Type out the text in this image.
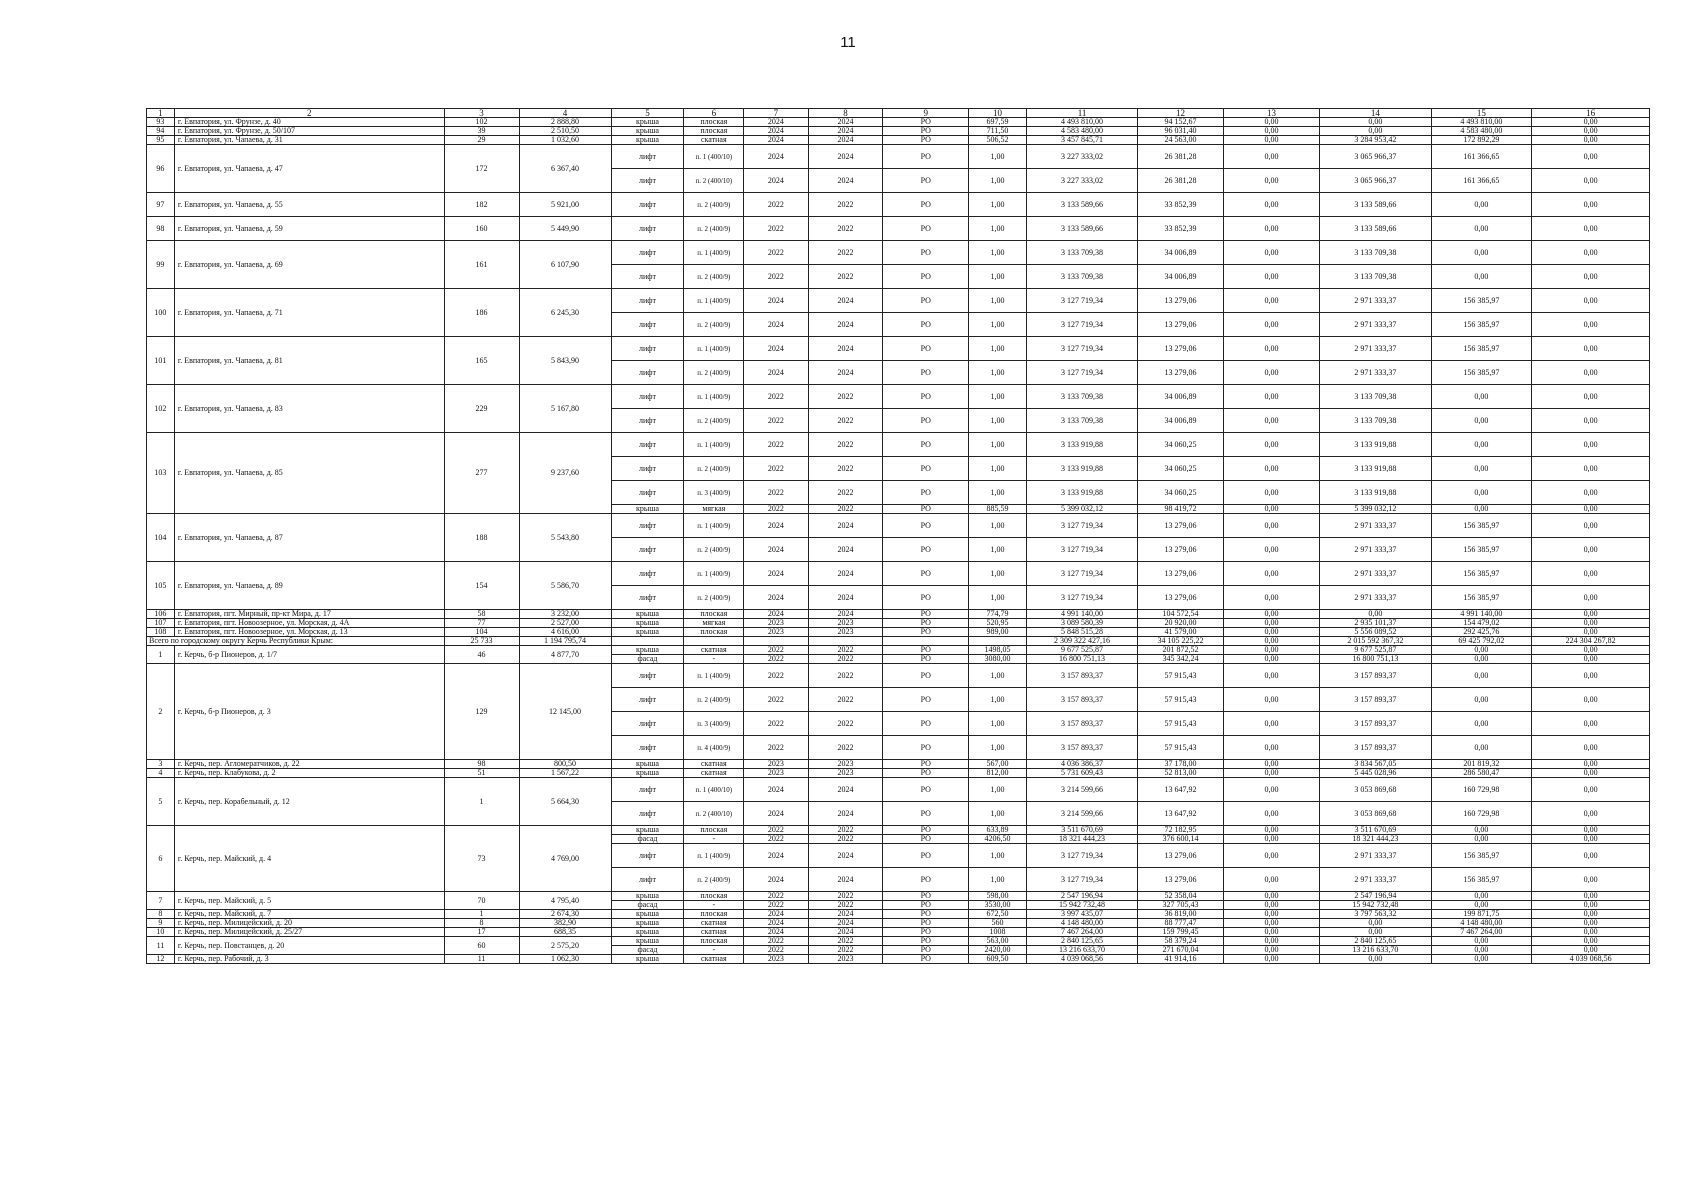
11
1	2	3	4	5	6	7	8	9	10	11	12	13	14	15	16
93	г. Евпатория, ул. Фрунзе, д. 40	102	2 888,80	крыша	плоская	2024	2024	РО	697,59	4 493 810,00	94 152,67	0,00	0,00	4 493 810,00	0,00
94	г. Евпатория, ул. Фрунзе, д. 50/107	39	2 510,50	крыша	плоская	2024	2024	РО	711,50	4 583 480,00	96 031,40	0,00	0,00	4 583 480,00	0,00
95	г. Евпатория, ул. Чапаева, д. 31	29	1 032,60	крыша	скатная	2024	2024	РО	506,52	3 457 845,71	24 563,00	0,00	3 284 953,42	172 892,29	0,00
96	г. Евпатория, ул. Чапаева, д. 47	172	6 367,40	лифт	п. 1 (400/10)	2024	2024	РО	1,00	3 227 333,02	26 381,28	0,00	3 065 966,37	161 366,65	0,00
				лифт	п. 2 (400/10)	2024	2024	РО	1,00	3 227 333,02	26 381,28	0,00	3 065 966,37	161 366,65	0,00
97	г. Евпатория, ул. Чапаева, д. 55	182	5 921,00	лифт	п. 2 (400/9)	2022	2022	РО	1,00	3 133 589,66	33 852,39	0,00	3 133 589,66	0,00	0,00
98	г. Евпатория, ул. Чапаева, д. 59	160	5 449,90	лифт	п. 2 (400/9)	2022	2022	РО	1,00	3 133 589,66	33 852,39	0,00	3 133 589,66	0,00	0,00
99	г. Евпатория, ул. Чапаева, д. 69	161	6 107,90	лифт	п. 1 (400/9)	2022	2022	РО	1,00	3 133 709,38	34 006,89	0,00	3 133 709,38	0,00	0,00
				лифт	п. 2 (400/9)	2022	2022	РО	1,00	3 133 709,38	34 006,89	0,00	3 133 709,38	0,00	0,00
100	г. Евпатория, ул. Чапаева, д. 71	186	6 245,30	лифт	п. 1 (400/9)	2024	2024	РО	1,00	3 127 719,34	13 279,06	0,00	2 971 333,37	156 385,97	0,00
				лифт	п. 2 (400/9)	2024	2024	РО	1,00	3 127 719,34	13 279,06	0,00	2 971 333,37	156 385,97	0,00
101	г. Евпатория, ул. Чапаева, д. 81	165	5 843,90	лифт	п. 1 (400/9)	2024	2024	РО	1,00	3 127 719,34	13 279,06	0,00	2 971 333,37	156 385,97	0,00
				лифт	п. 2 (400/9)	2024	2024	РО	1,00	3 127 719,34	13 279,06	0,00	2 971 333,37	156 385,97	0,00
102	г. Евпатория, ул. Чапаева, д. 83	229	5 167,80	лифт	п. 1 (400/9)	2022	2022	РО	1,00	3 133 709,38	34 006,89	0,00	3 133 709,38	0,00	0,00
				лифт	п. 2 (400/9)	2022	2022	РО	1,00	3 133 709,38	34 006,89	0,00	3 133 709,38	0,00	0,00
103	г. Евпатория, ул. Чапаева, д. 85	277	9 237,60	лифт	п. 1 (400/9)	2022	2022	РО	1,00	3 133 919,88	34 060,25	0,00	3 133 919,88	0,00	0,00
				лифт	п. 2 (400/9)	2022	2022	РО	1,00	3 133 919,88	34 060,25	0,00	3 133 919,88	0,00	0,00
				лифт	п. 3 (400/9)	2022	2022	РО	1,00	3 133 919,88	34 060,25	0,00	3 133 919,88	0,00	0,00
				крыша	мягкая	2022	2022	РО	885,59	5 399 032,12	98 419,72	0,00	5 399 032,12	0,00	0,00
104	г. Евпатория, ул. Чапаева, д. 87	188	5 543,80	лифт	п. 1 (400/9)	2024	2024	РО	1,00	3 127 719,34	13 279,06	0,00	2 971 333,37	156 385,97	0,00
				лифт	п. 2 (400/9)	2024	2024	РО	1,00	3 127 719,34	13 279,06	0,00	2 971 333,37	156 385,97	0,00
105	г. Евпатория, ул. Чапаева, д. 89	154	5 586,70	лифт	п. 1 (400/9)	2024	2024	РО	1,00	3 127 719,34	13 279,06	0,00	2 971 333,37	156 385,97	0,00
				лифт	п. 2 (400/9)	2024	2024	РО	1,00	3 127 719,34	13 279,06	0,00	2 971 333,37	156 385,97	0,00
106	г. Евпатория, пгт. Мирный, пр-кт Мира, д. 17	58	3 232,00	крыша	плоская	2024	2024	РО	774,79	4 991 140,00	104 572,54	0,00	0,00	4 991 140,00	0,00
107	г. Евпатория, пгт. Новоозерное, ул. Морская, д. 4А	77	2 527,00	крыша	мягкая	2023	2023	РО	520,95	3 089 580,39	20 920,00	0,00	2 935 101,37	154 479,02	0,00
108	г. Евпатория, пгт. Новоозерное, ул. Морская, д. 13	104	4 616,00	крыша	плоская	2023	2023	РО	989,00	5 848 515,28	41 579,00	0,00	5 556 089,52	292 425,76	0,00
Всего по городскому округу Керчь Республики Крым:		25 733	1 194 795,74							2 309 322 427,16	34 105 225,22	0,00	2 015 592 367,32	69 425 792,02	224 304 267,82
1	г. Керчь, б-р Пионеров, д. 1/7	46	4 877,70	крыша	скатная	2022	2022	РО	1498,05	9 677 525,87	201 872,52	0,00	9 677 525,87	0,00	0,00
				фасад	-	2022	2022	РО	3080,00	16 800 751,13	345 342,24	0,00	16 800 751,13	0,00	0,00
2	г. Керчь, б-р Пионеров, д. 3	129	12 145,00	лифт	п. 1 (400/9)	2022	2022	РО	1,00	3 157 893,37	57 915,43	0,00	3 157 893,37	0,00	0,00
				лифт	п. 2 (400/9)	2022	2022	РО	1,00	3 157 893,37	57 915,43	0,00	3 157 893,37	0,00	0,00
				лифт	п. 3 (400/9)	2022	2022	РО	1,00	3 157 893,37	57 915,43	0,00	3 157 893,37	0,00	0,00
				лифт	п. 4 (400/9)	2022	2022	РО	1,00	3 157 893,37	57 915,43	0,00	3 157 893,37	0,00	0,00
3	г. Керчь, пер. Агломератчиков, д. 22	98	800,50	крыша	скатная	2023	2023	РО	567,00	4 036 386,37	37 178,00	0,00	3 834 567,05	201 819,32	0,00
4	г. Керчь, пер. Клабукова, д. 2	51	1 567,22	крыша	скатная	2023	2023	РО	812,00	5 731 609,43	52 813,00	0,00	5 445 028,96	286 580,47	0,00
5	г. Керчь, пер. Корабельный, д. 12	1	5 664,30	лифт	п. 1 (400/10)	2024	2024	РО	1,00	3 214 599,66	13 647,92	0,00	3 053 869,68	160 729,98	0,00
				лифт	п. 2 (400/10)	2024	2024	РО	1,00	3 214 599,66	13 647,92	0,00	3 053 869,68	160 729,98	0,00
6	г. Керчь, пер. Майский, д. 4	73	4 769,00	крыша	плоская	2022	2022	РО	633,89	3 511 670,69	72 182,95	0,00	3 511 670,69	0,00	0,00
				фасад	-	2022	2022	РО	4206,50	18 321 444,23	376 600,14	0,00	18 321 444,23	0,00	0,00
				лифт	п. 1 (400/9)	2024	2024	РО	1,00	3 127 719,34	13 279,06	0,00	2 971 333,37	156 385,97	0,00
				лифт	п. 2 (400/9)	2024	2024	РО	1,00	3 127 719,34	13 279,06	0,00	2 971 333,37	156 385,97	0,00
7	г. Керчь, пер. Майский, д. 5	70	4 795,40	крыша	плоская	2022	2022	РО	598,00	2 547 196,94	52 358,04	0,00	2 547 196,94	0,00	0,00
				фасад	-	2022	2022	РО	3530,00	15 942 732,48	327 705,43	0,00	15 942 732,48	0,00	0,00
8	г. Керчь, пер. Майский, д. 7	1	2 674,30	крыша	плоская	2024	2024	РО	672,50	3 997 435,07	36 819,00	0,00	3 797 563,32	199 871,75	0,00
9	г. Керчь, пер. Милицейский, д. 20	8	382,90	крыша	скатная	2024	2024	РО	560	4 148 480,00	88 777,47	0,00	0,00	4 148 480,00	0,00
10	г. Керчь, пер. Милицейский, д. 25/27	17	688,35	крыша	скатная	2024	2024	РО	1008	7 467 264,00	159 799,45	0,00	0,00	7 467 264,00	0,00
11	г. Керчь, пер. Повстанцев, д. 20	60	2 575,20	крыша	плоская	2022	2022	РО	563,00	2 840 125,65	58 379,24	0,00	2 840 125,65	0,00	0,00
				фасад	-	2022	2022	РО	2420,00	13 216 633,70	271 670,04	0,00	13 216 633,70	0,00	0,00
12	г. Керчь, пер. Рабочий, д. 3	11	1 062,30	крыша	скатная	2023	2023	РО	609,50	4 039 068,56	41 914,16	0,00	0,00	0,00	4 039 068,56
